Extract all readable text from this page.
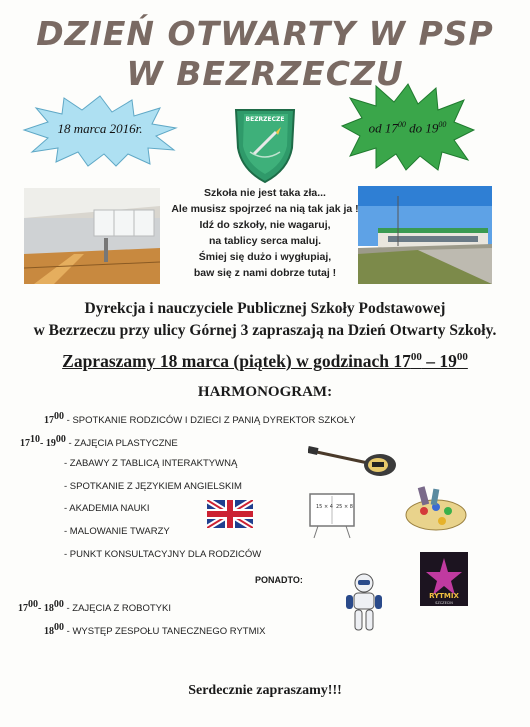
DZIEŃ OTWARTY W PSP
W BEZRZECZU
18 marca 2016r.	od $17^{00}$ do $19^{00}$
BEZRZECZE
Szkoła nie jest taka zła...
Ale musisz spojrzeć na nią tak jak ja !
Idź do szkoły, nie wagaruj,
na tablicy serca maluj.
Śmiej się dużo i wygłupiaj,
baw się z nami dobrze tutaj !
Dyrekcja i nauczyciele Publicznej Szkoły Podstawowej
w Bezrzeczu przy ulicy Górnej 3 zapraszają na Dzień Otwarty Szkoły.
Zapraszamy 18 marca (piątek) w godzinach $17^{00} - 19^{00}$
HARMONOGRAM:
$17^{00}$ - SPOTKANIE RODZICÓW I DZIECI Z PANIĄ DYREKTOR SZKOŁY
$17^{10}-$ $19^{00}$ - ZAJĘCIA PLASTYCZNE
- ZABAWY Z TABLICĄ INTERAKTYWNĄ
- SPOTKANIE Z JĘZYKIEM ANGIELSKIM
- AKADEMIA NAUKI
- MALOWANIE TWARZY
- PUNKT KONSULTACYJNY DLA RODZICÓW
PONADTO:
$17^{00}-$ $18^{00}$ - ZAJĘCIA Z ROBOTYKI
$18^{00}$ - WYSTĘP ZESPOŁU TANECZNEGO RYTMIX
15 × 4 25 × 8
RYTMIX
SZCZECIN
Serdecznie zapraszamy!!!
